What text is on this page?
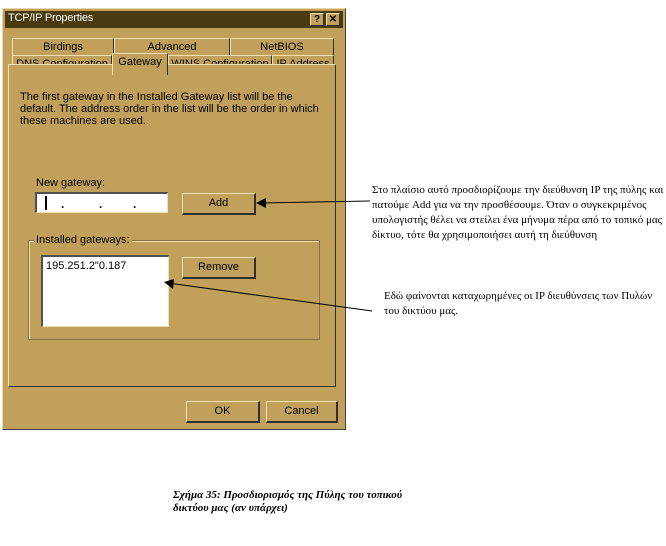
TCP/IP Properties	? ✕
Birdings	Advanced	NetBIOS
Gateway
The first gateway in the Installed Gateway list will be the default. The address order in the list will be the order in which these machines are used.
New gateway:
.	.	.	Add
Installed gateways:
195.251.2"0.187	Remove
OK	Cancel
Στο πλαίσιο αυτό προσδιορίζουμε την διεύθυνση IP της πύλης και πατούμε Add για να την προσθέσουμε. Όταν ο συγκεκριμένος υπολογιστής θέλει να στείλει ένα μήνυμα πέρα από το τοπικό μας δίκτυο, τότε θα χρησιμοποιήσει αυτή τη διεύθυνση
Εδώ φαίνονται καταχωρημένες οι IP διευθύνσεις των Πυλών του δικτύου μας.
Σχήμα 35: Προσδιορισμός της Πύλης του τοπικού δικτύου μας (αν υπάρχει)
